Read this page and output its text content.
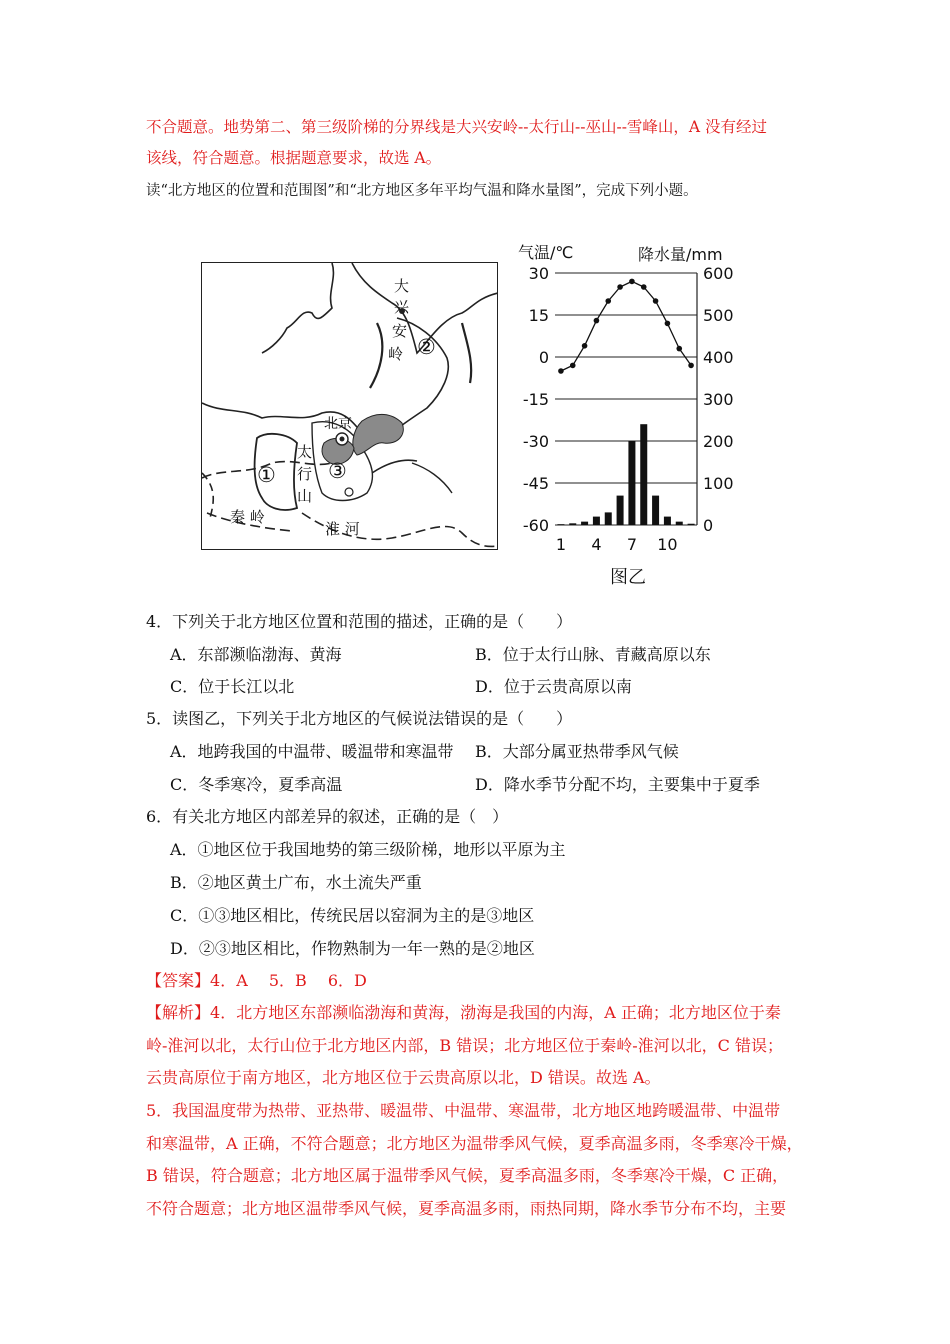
不合题意。地势第二、第三级阶梯的分界线是大兴安岭--太行山--巫山--雪峰山，A 没有经过
该线，符合题意。根据题意要求，故选 A。
读“北方地区的位置和范围图”和“北方地区多年平均气温和降水量图”，完成下列小题。
大
兴
安
岭 ②
北京
太
行
山
① ③
秦 岭
淮 河
30	600
15	500
0	400
-15	300
-30	200
-45	100
-60	0
1 4 7 10
气温/℃	降水量/mm
图乙
4．下列关于北方地区位置和范围的描述，正确的是（　　）
A．东部濒临渤海、黄海	B．位于太行山脉、青藏高原以东
C．位于长江以北	D．位于云贵高原以南
5．读图乙，下列关于北方地区的气候说法错误的是（　　）
A．地跨我国的中温带、暖温带和寒温带 B．大部分属亚热带季风气候
C．冬季寒冷，夏季高温	D．降水季节分配不均，主要集中于夏季
6．有关北方地区内部差异的叙述，正确的是（　）
A．①地区位于我国地势的第三级阶梯，地形以平原为主
B．②地区黄土广布，水土流失严重
C．①③地区相比，传统民居以窑洞为主的是③地区
D．②③地区相比，作物熟制为一年一熟的是②地区
【答案】4．A　 5．B　 6．D
【解析】4．北方地区东部濒临渤海和黄海，渤海是我国的内海，A 正确；北方地区位于秦
岭-淮河以北，太行山位于北方地区内部，B 错误；北方地区位于秦岭-淮河以北，C 错误；
云贵高原位于南方地区，北方地区位于云贵高原以北，D 错误。故选 A。
5．我国温度带为热带、亚热带、暖温带、中温带、寒温带，北方地区地跨暖温带、中温带
和寒温带，A 正确，不符合题意；北方地区为温带季风气候，夏季高温多雨，冬季寒冷干燥，
B 错误，符合题意；北方地区属于温带季风气候，夏季高温多雨，冬季寒冷干燥，C 正确，
不符合题意；北方地区温带季风气候，夏季高温多雨，雨热同期，降水季节分布不均，主要
